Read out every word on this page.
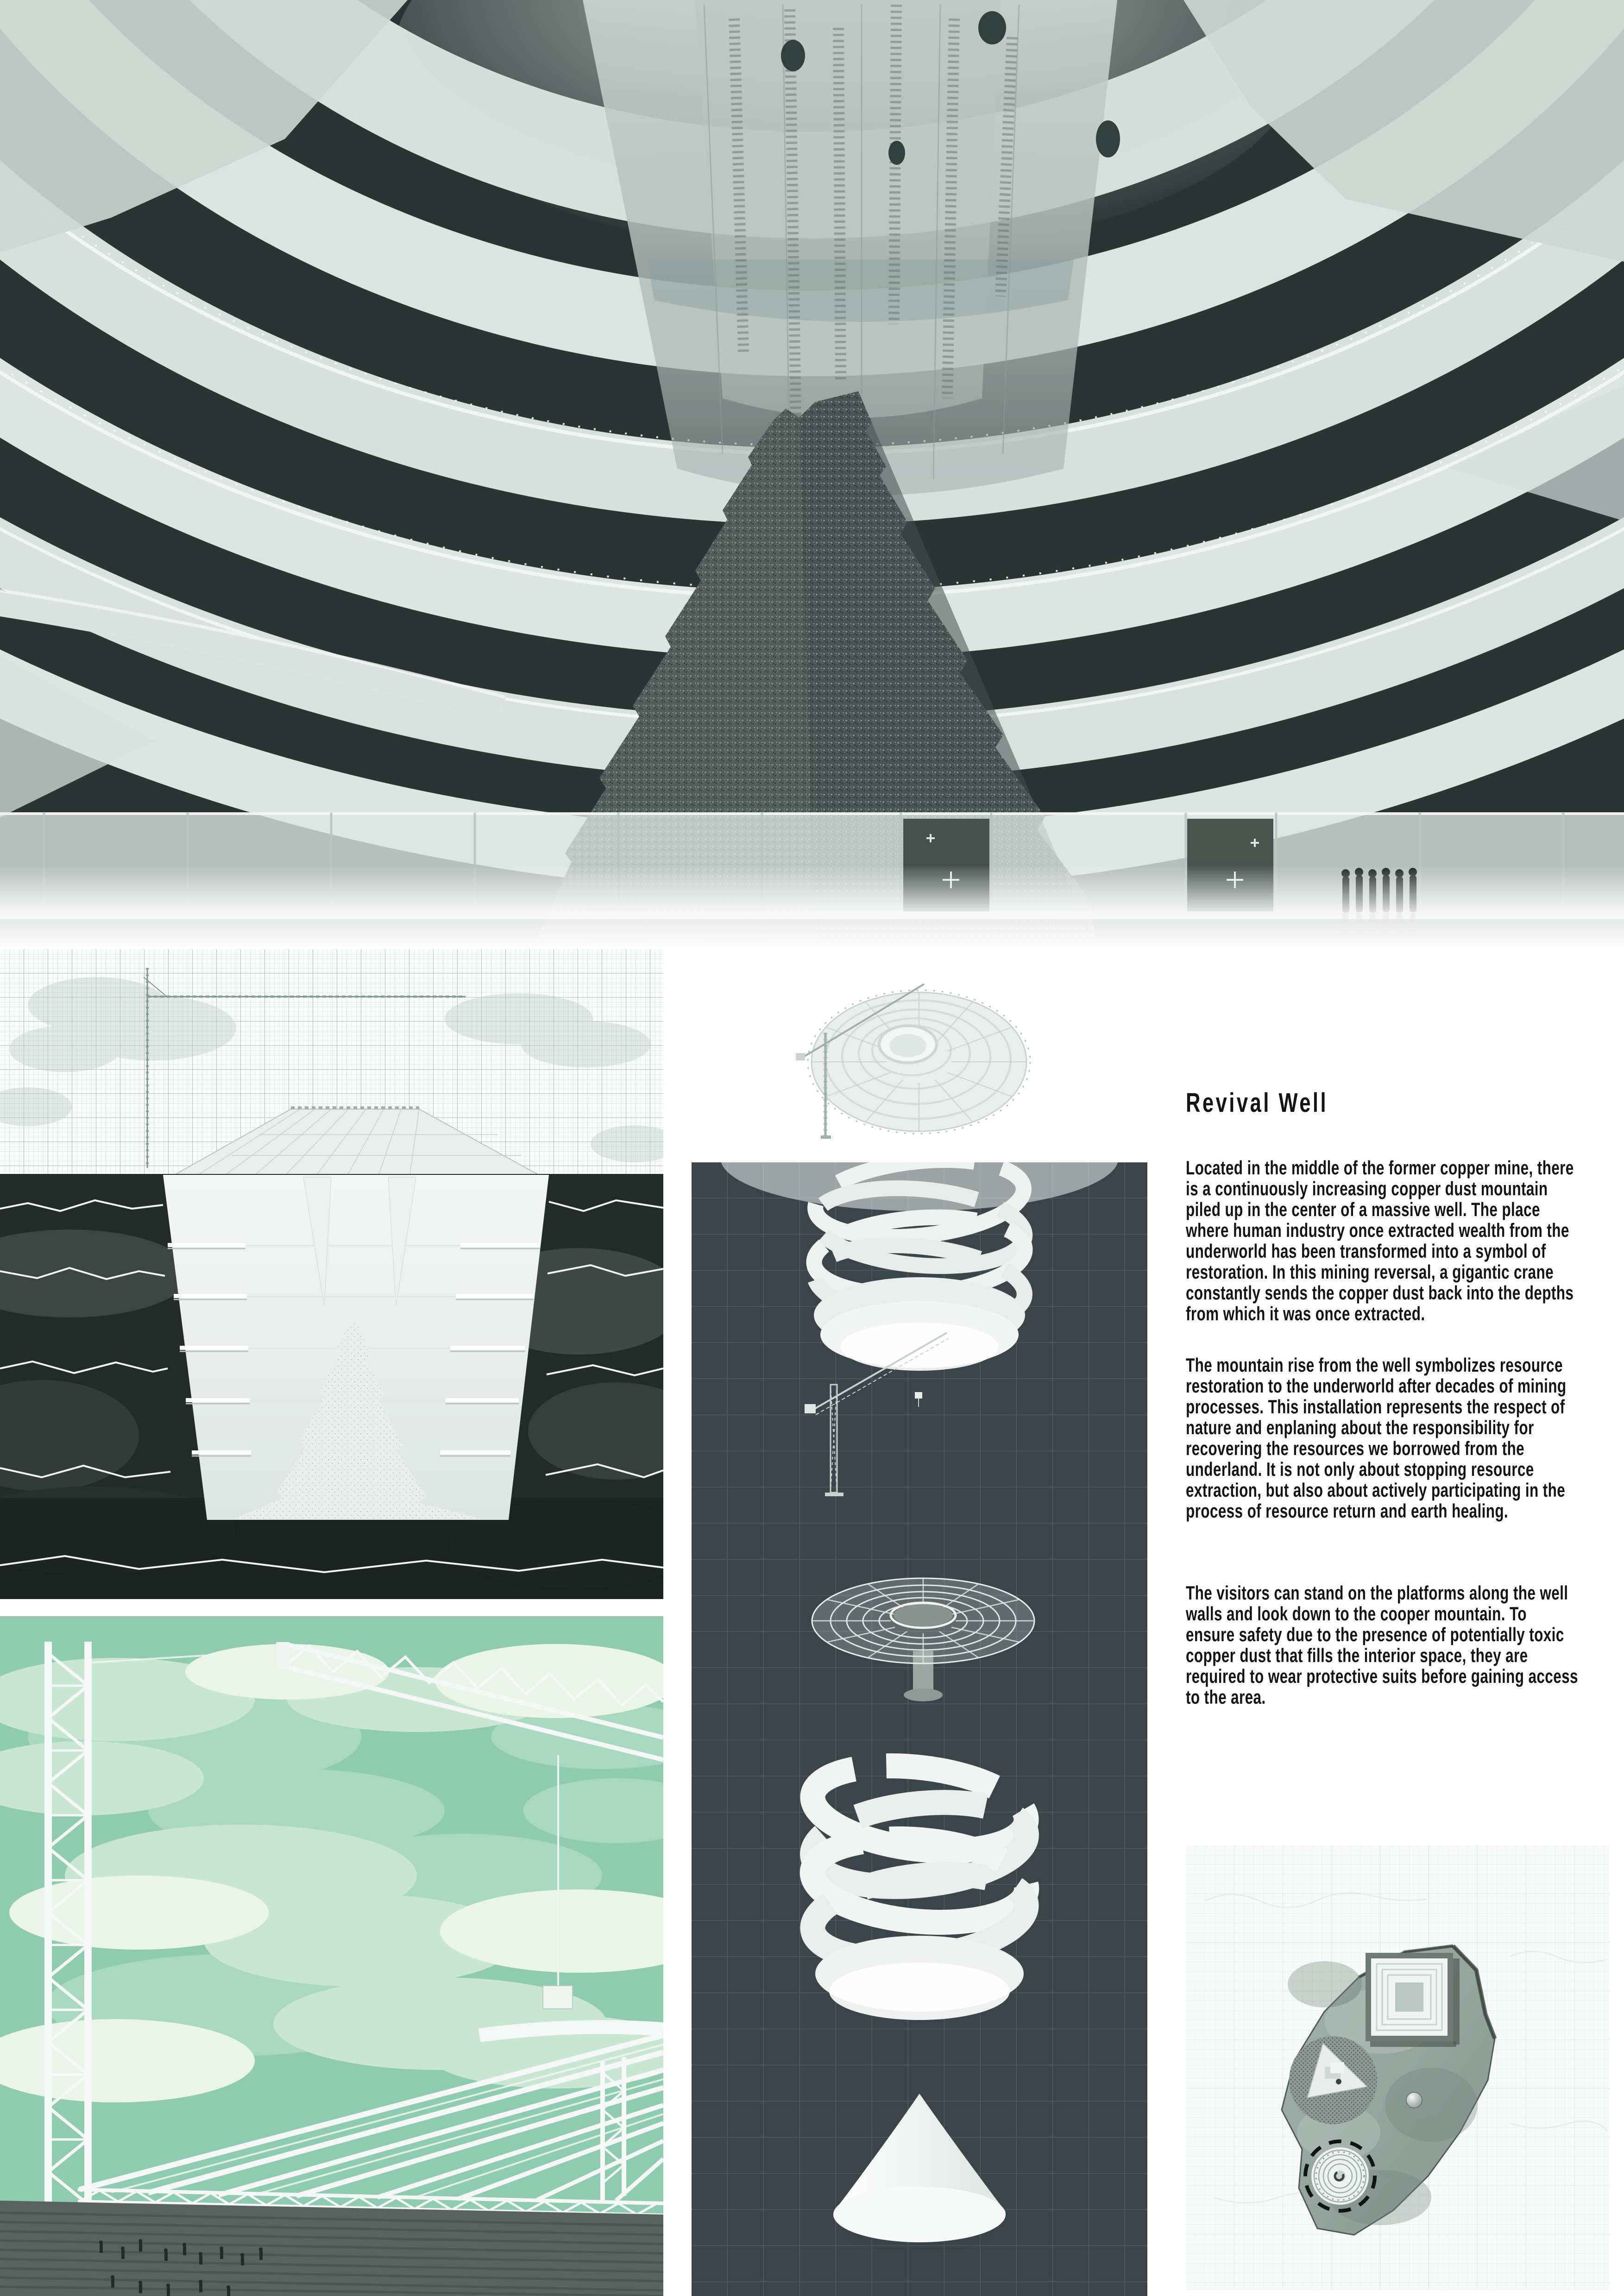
Revival Well

Located in the middle of the former copper mine, there is a continuously increasing copper dust mountain piled up in the center of a massive well. The place where human industry once extracted wealth from the underworld has been transformed into a symbol of restoration. In this mining reversal, a gigantic crane constantly sends the copper dust back into the depths from which it was once extracted.

The mountain rise from the well symbolizes resource restoration to the underworld after decades of mining processes. This installation represents the respect of nature and enplaning about the responsibility for recovering the resources we borrowed from the underland. It is not only about stopping resource extraction, but also about actively participating in the process of resource return and earth healing.

The visitors can stand on the platforms along the well walls and look down to the cooper mountain. To ensure safety due to the presence of potentially toxic copper dust that fills the interior space, they are required to wear protective suits before gaining access to the area.
